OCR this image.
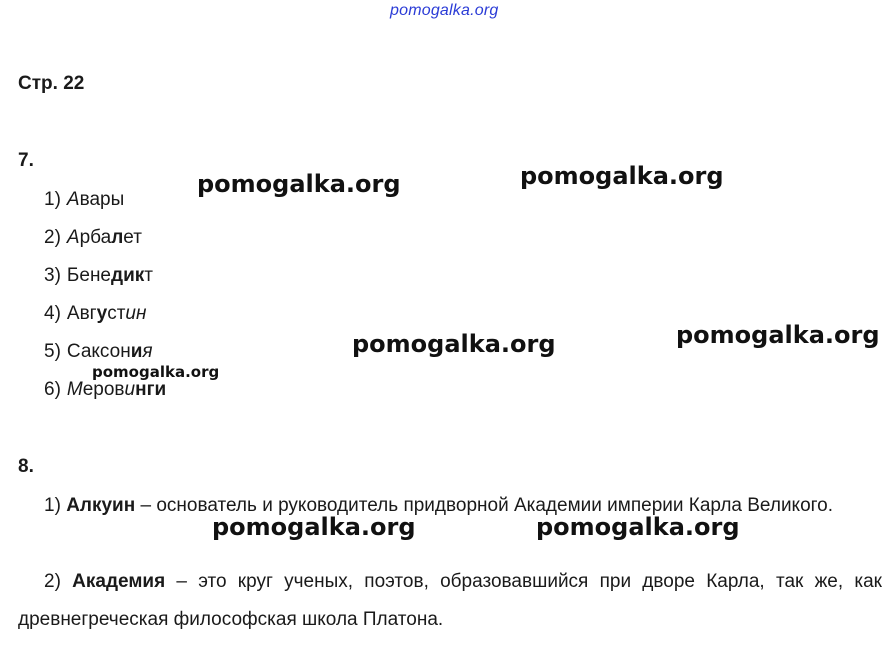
pomogalka.org
Стр. 22
7.
1) Авары
2) Арбалет
3) Бенедикт
4) Августин
5) Саксония
6) Меровинги
8.
1) Алкуин – основатель и руководитель придворной Академии империи Карла Великого.
2) Академия – это круг ученых, поэтов, образовавшийся при дворе Карла, так же, как древнегреческая философская школа Платона.
pomogalka.org	pomogalka.org
pomogalka.org	pomogalka.org
pomogalka.org
pomogalka.org	pomogalka.org
